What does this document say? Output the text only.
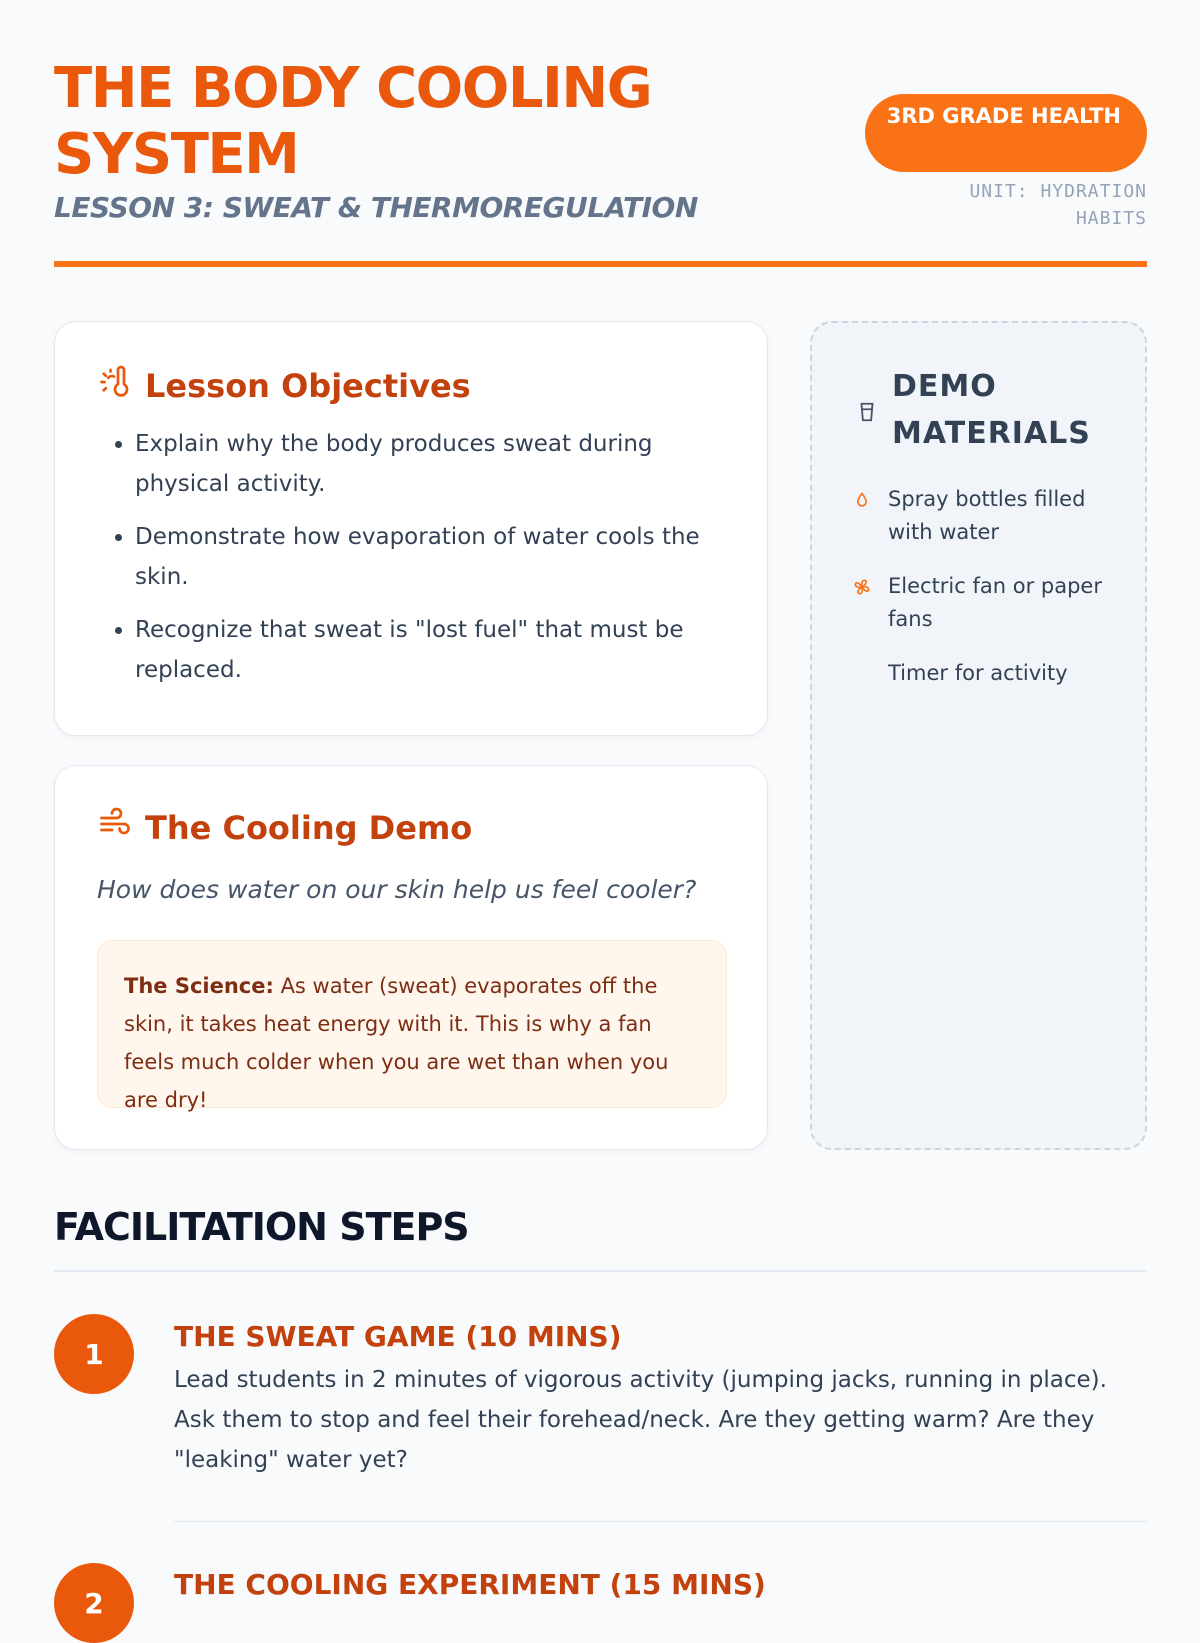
THE BODY COOLING SYSTEM
LESSON 3: SWEAT & THERMOREGULATION
3RD GRADE HEALTH
UNIT: HYDRATION HABITS
Lesson Objectives
• Explain why the body produces sweat during physical activity.
• Demonstrate how evaporation of water cools the skin.
• Recognize that sweat is "lost fuel" that must be replaced.
The Cooling Demo
How does water on our skin help us feel cooler?
The Science: As water (sweat) evaporates off the skin, it takes heat energy with it. This is why a fan feels much colder when you are wet than when you are dry!
DEMO MATERIALS
Spray bottles filled with water
Electric fan or paper fans
Timer for activity
FACILITATION STEPS
1
THE SWEAT GAME (10 MINS)
Lead students in 2 minutes of vigorous activity (jumping jacks, running in place). Ask them to stop and feel their forehead/neck. Are they getting warm? Are they "leaking" water yet?
2
THE COOLING EXPERIMENT (15 MINS)
